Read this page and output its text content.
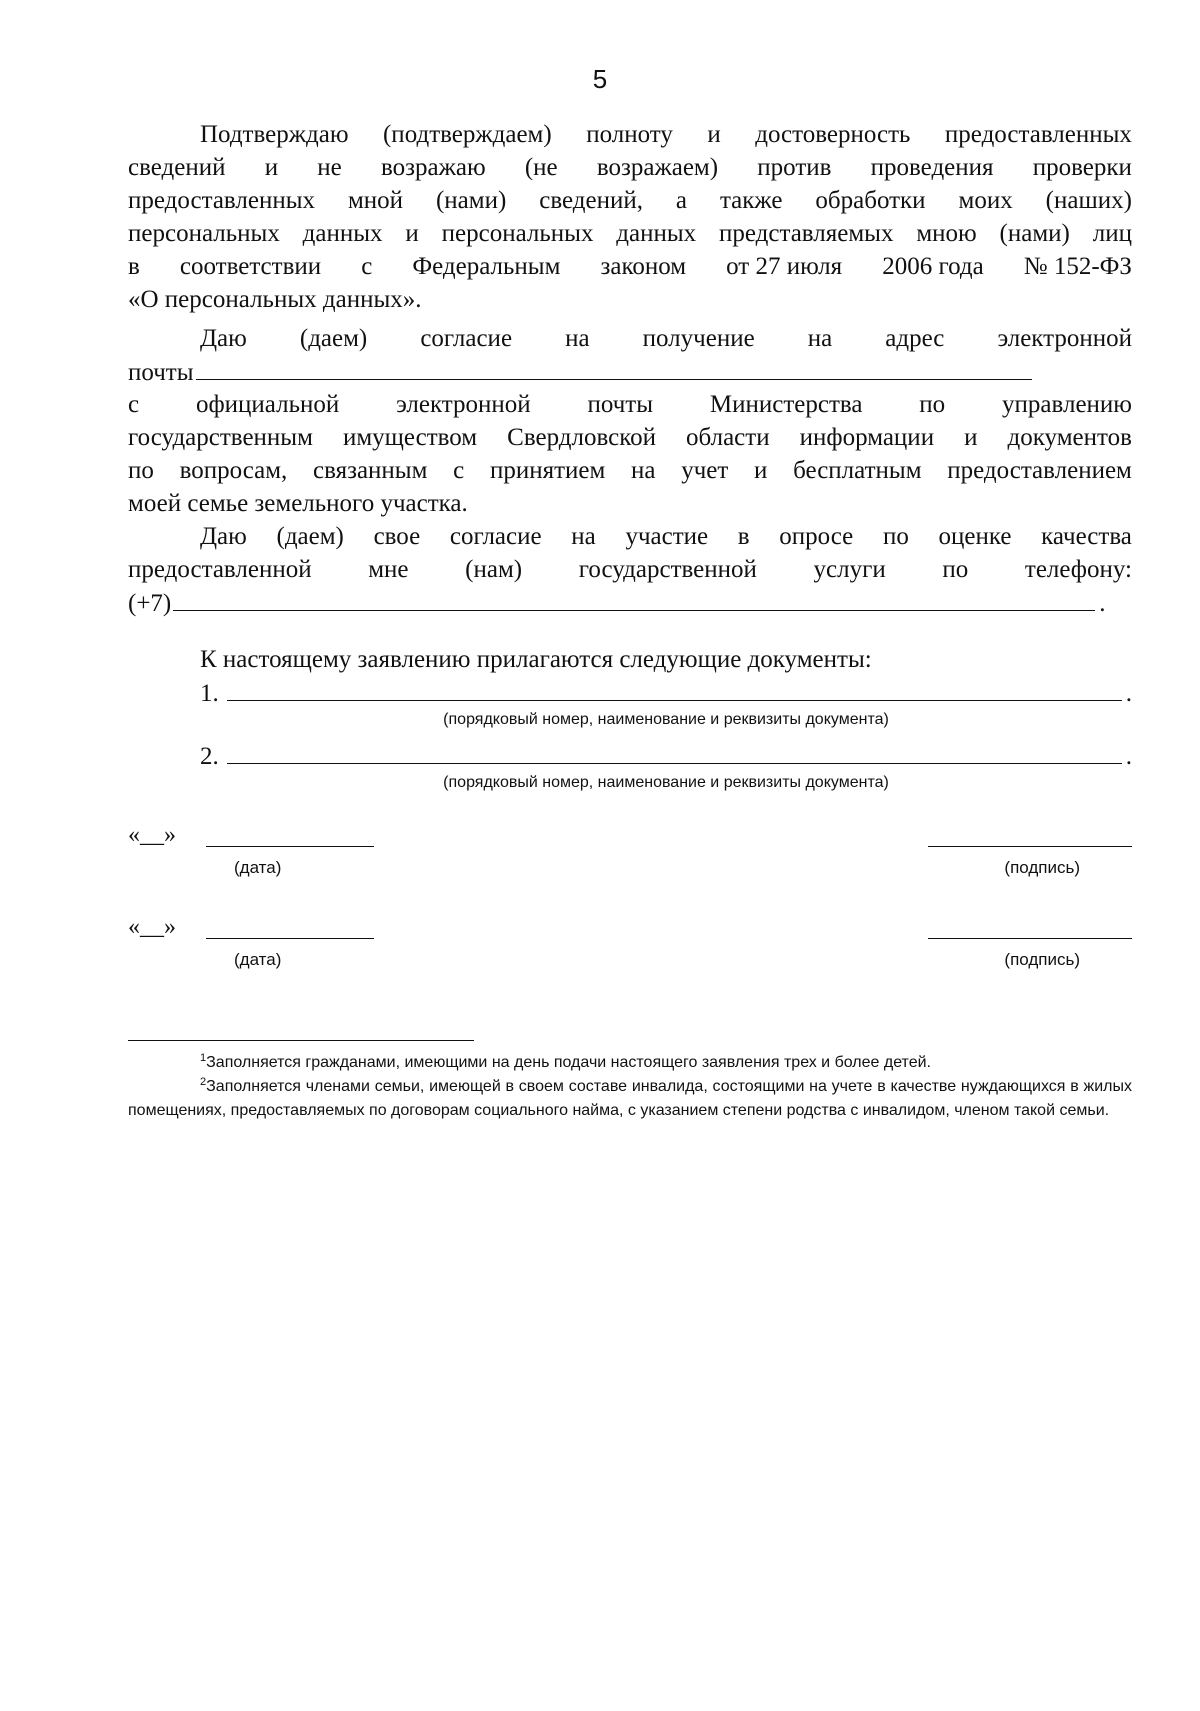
5
Подтверждаю (подтверждаем) полноту и достоверность предоставленных
сведений и не возражаю (не возражаем) против проведения проверки
предоставленных мной (нами) сведений, а также обработки моих (наших)
персональных данных и персональных данных представляемых мною (нами) лиц
в соответствии с Федеральным законом от 27 июля 2006 года № 152-ФЗ
«О персональных данных».
Даю (даем) согласие на получение на адрес электронной
почты
с официальной электронной почты Министерства по управлению
государственным имуществом Свердловской области информации и документов
по вопросам, связанным с принятием на учет и бесплатным предоставлением
моей семье земельного участка.
Даю (даем) свое согласие на участие в опросе по оценке качества
предоставленной мне (нам) государственной услуги по телефону:
(+7)	.
К настоящему заявлению прилагаются следующие документы:
1.	.
(порядковый номер, наименование и реквизиты документа)
2.	.
(порядковый номер, наименование и реквизиты документа)
«__»
(дата)	(подпись)
«__»
(дата)	(подпись)

$^1$Заполняется гражданами, имеющими на день подачи настоящего заявления трех и более детей.

$^2$Заполняется членами семьи, имеющей в своем составе инвалида, состоящими на учете в качестве нуждающихся в жилых помещениях, предоставляемых по договорам социального найма, с указанием степени родства с инвалидом, членом такой семьи.
